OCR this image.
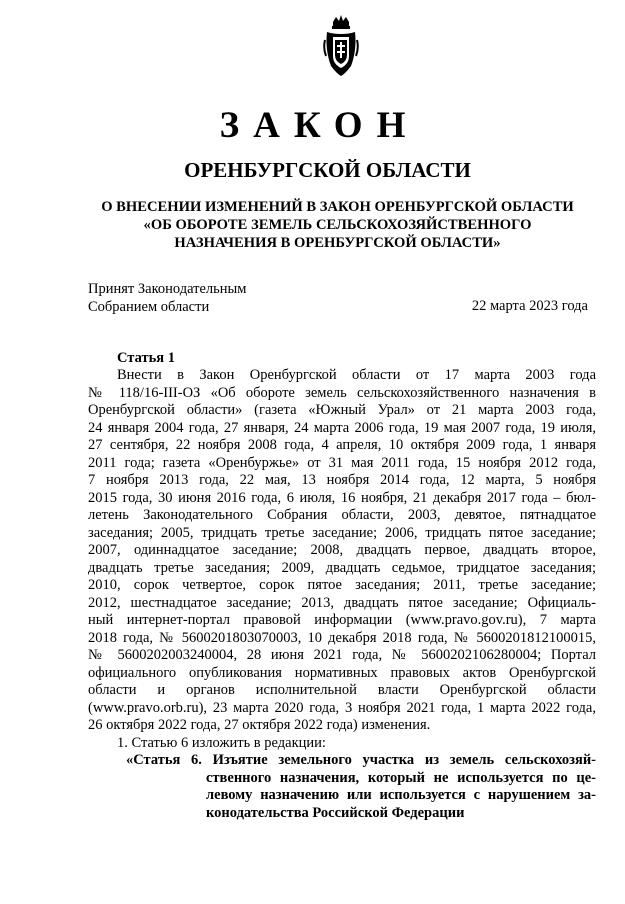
ЗАКОН
ОРЕНБУРГСКОЙ ОБЛАСТИ
О ВНЕСЕНИИ ИЗМЕНЕНИЙ В ЗАКОН ОРЕНБУРГСКОЙ ОБЛАСТИ
«ОБ ОБОРОТЕ ЗЕМЕЛЬ СЕЛЬСКОХОЗЯЙСТВЕННОГО
НАЗНАЧЕНИЯ В ОРЕНБУРГСКОЙ ОБЛАСТИ»
Принят Законодательным
Собранием области	22 марта 2023 года
Статья 1
Внести в Закон Оренбургской области от 17 марта 2003 года
№ 118/16-III-ОЗ «Об обороте земель сельскохозяйственного назначения в
Оренбургской области» (газета «Южный Урал» от 21 марта 2003 года,
24 января 2004 года, 27 января, 24 марта 2006 года, 19 мая 2007 года, 19 июля,
27 сентября, 22 ноября 2008 года, 4 апреля, 10 октября 2009 года, 1 января
2011 года; газета «Оренбуржье» от 31 мая 2011 года, 15 ноября 2012 года,
7 ноября 2013 года, 22 мая, 13 ноября 2014 года, 12 марта, 5 ноября
2015 года, 30 июня 2016 года, 6 июля, 16 ноября, 21 декабря 2017 года – бюл-
летень Законодательного Собрания области, 2003, девятое, пятнадцатое
заседания; 2005, тридцать третье заседание; 2006, тридцать пятое заседание;
2007, одиннадцатое заседание; 2008, двадцать первое, двадцать второе,
двадцать третье заседания; 2009, двадцать седьмое, тридцатое заседания;
2010, сорок четвертое, сорок пятое заседания; 2011, третье заседание;
2012, шестнадцатое заседание; 2013, двадцать пятое заседание; Официаль-
ный интернет-портал правовой информации (www.pravo.gov.ru), 7 марта
2018 года, № 5600201803070003, 10 декабря 2018 года, № 5600201812100015,
№ 5600202003240004, 28 июня 2021 года, № 5600202106280004; Портал
официального опубликования нормативных правовых актов Оренбургской
области и органов исполнительной власти Оренбургской области
(www.pravo.orb.ru), 23 марта 2020 года, 3 ноября 2021 года, 1 марта 2022 года,
26 октября 2022 года, 27 октября 2022 года) изменения.
1. Статью 6 изложить в редакции:
«Статья 6. Изъятие земельного участка из земель сельскохозяй-
ственного назначения, который не используется по це-
левому назначению или используется с нарушением за-
конодательства Российской Федерации
